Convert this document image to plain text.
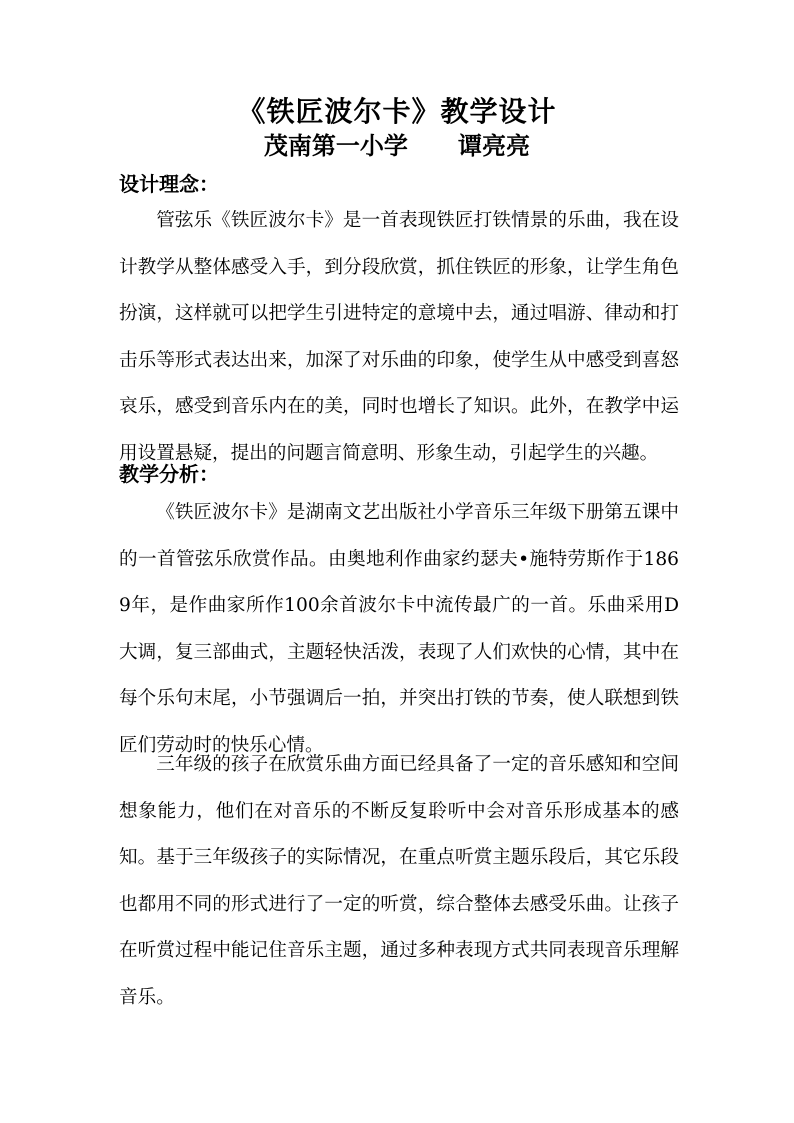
《铁匠波尔卡》教学设计
茂南第一小学      谭亮亮
设计理念：
管弦乐《铁匠波尔卡》是一首表现铁匠打铁情景的乐曲，我在设计教学从整体感受入手，到分段欣赏，抓住铁匠的形象，让学生角色扮演，这样就可以把学生引进特定的意境中去，通过唱游、律动和打击乐等形式表达出来，加深了对乐曲的印象，使学生从中感受到喜怒哀乐，感受到音乐内在的美，同时也增长了知识。此外，在教学中运用设置悬疑，提出的问题言简意明、形象生动，引起学生的兴趣。
教学分析：
《铁匠波尔卡》是湖南文艺出版社小学音乐三年级下册第五课中的一首管弦乐欣赏作品。由奥地利作曲家约瑟夫•施特劳斯作于1869年，是作曲家所作100余首波尔卡中流传最广的一首。乐曲采用D大调，复三部曲式，主题轻快活泼，表现了人们欢快的心情，其中在每个乐句末尾，小节强调后一拍，并突出打铁的节奏，使人联想到铁匠们劳动时的快乐心情。
三年级的孩子在欣赏乐曲方面已经具备了一定的音乐感知和空间想象能力，他们在对音乐的不断反复聆听中会对音乐形成基本的感知。基于三年级孩子的实际情况，在重点听赏主题乐段后，其它乐段也都用不同的形式进行了一定的听赏，综合整体去感受乐曲。让孩子在听赏过程中能记住音乐主题，通过多种表现方式共同表现音乐理解音乐。
